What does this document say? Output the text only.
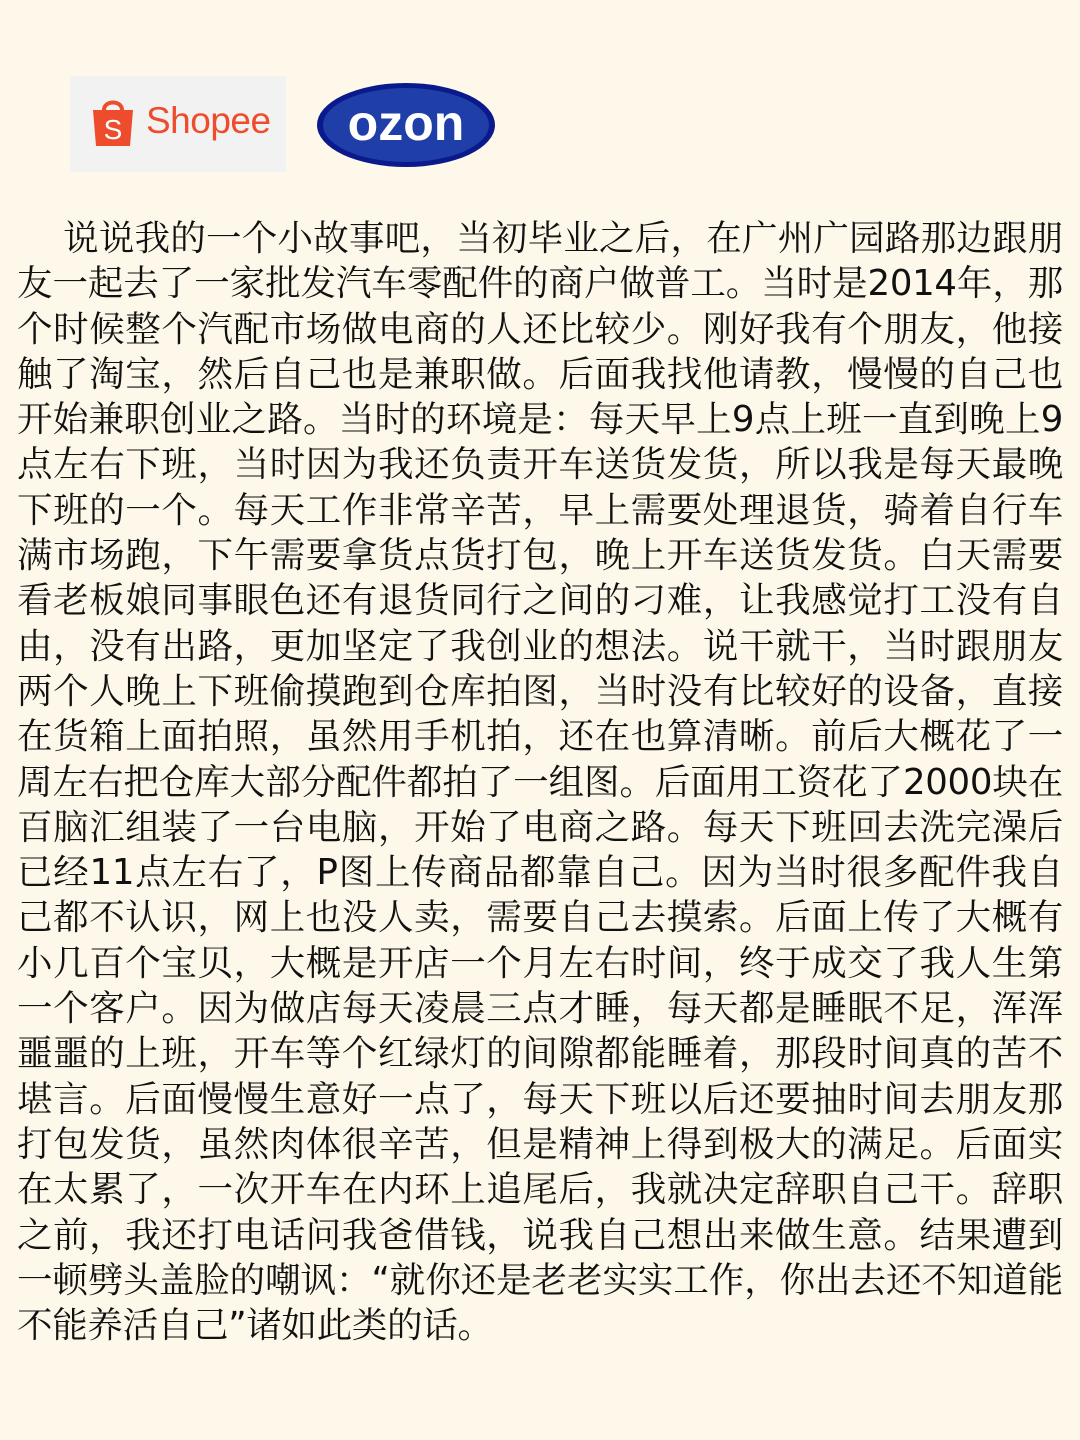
S Shopee ozon

说说我的一个小故事吧，当初毕业之后，在广州广园路那边跟朋友一起去了一家批发汽车零配件的商户做普工。当时是2014年，那个时候整个汽配市场做电商的人还比较少。刚好我有个朋友，他接触了淘宝，然后自己也是兼职做。后面我找他请教，慢慢的自己也开始兼职创业之路。当时的环境是：每天早上9点上班一直到晚上9点左右下班，当时因为我还负责开车送货发货，所以我是每天最晚下班的一个。每天工作非常辛苦，早上需要处理退货，骑着自行车满市场跑，下午需要拿货点货打包，晚上开车送货发货。白天需要看老板娘同事眼色还有退货同行之间的刁难，让我感觉打工没有自由，没有出路，更加坚定了我创业的想法。说干就干，当时跟朋友两个人晚上下班偷摸跑到仓库拍图，当时没有比较好的设备，直接在货箱上面拍照，虽然用手机拍，还在也算清晰。前后大概花了一周左右把仓库大部分配件都拍了一组图。后面用工资花了2000块在百脑汇组装了一台电脑，开始了电商之路。每天下班回去洗完澡后已经11点左右了，P图上传商品都靠自己。因为当时很多配件我自己都不认识，网上也没人卖，需要自己去摸索。后面上传了大概有小几百个宝贝，大概是开店一个月左右时间，终于成交了我人生第一个客户。因为做店每天凌晨三点才睡，每天都是睡眠不足，浑浑噩噩的上班，开车等个红绿灯的间隙都能睡着，那段时间真的苦不堪言。后面慢慢生意好一点了，每天下班以后还要抽时间去朋友那打包发货，虽然肉体很辛苦，但是精神上得到极大的满足。后面实在太累了，一次开车在内环上追尾后，我就决定辞职自己干。辞职之前，我还打电话问我爸借钱，说我自己想出来做生意。结果遭到一顿劈头盖脸的嘲讽：“就你还是老老实实工作，你出去还不知道能不能养活自己”诸如此类的话。
